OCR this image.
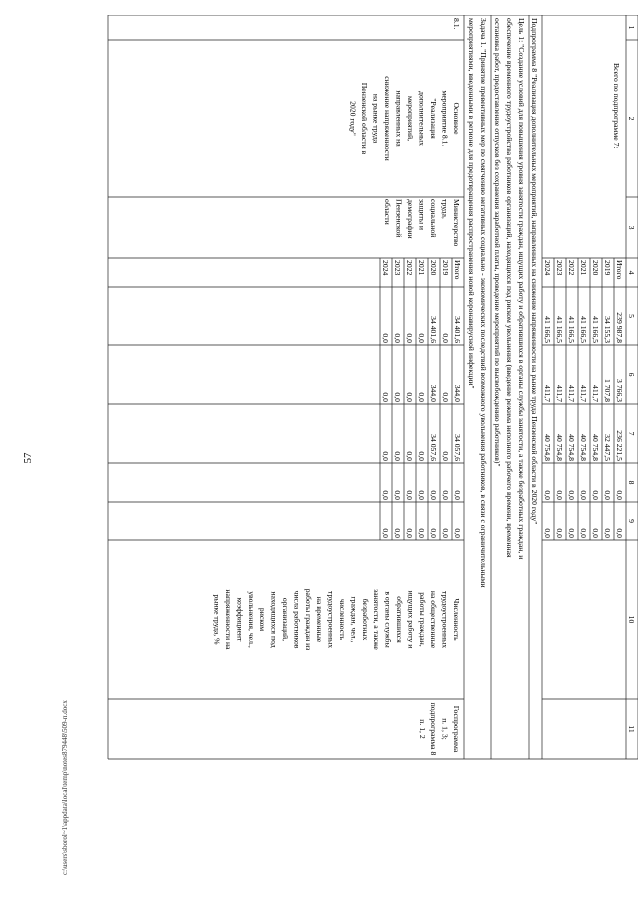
57
c:\users\sborol~1\appdata\local\temp\notes879448\509-п.docx
1
2
3
4
5
6
7
8
9
10
11
Всего по подпрограмме 7:
Итого
239 987,8
3 766,3
236 221,5
0,0
0,0
2019
34 155,3
1 707,8
32 447,5
0,0
0,0
2020
41 166,5
411,7
40 754,8
0,0
0,0
2021
41 166,5
411,7
40 754,8
0,0
0,0
2022
41 166,5
411,7
40 754,8
0,0
0,0
2023
41 166,5
411,7
40 754,8
0,0
0,0
2024
41 166,5
411,7
40 754,8
0,0
0,0
Подпрограмма 8 "Реализация дополнительных мероприятий, направленных на снижение напряженности на рынке труда Пензенской области в 2020 году"
Цель 1: "Создание условий для повышения уровня занятости граждан, ищущих работу и обратившихся в органы службы занятости, а также безработных граждан, и
обеспечение временного трудоустройства работников организаций, находящихся под риском увольнения (введение режима неполного рабочего времени, временная
остановка работ, предоставление отпусков без сохранения заработной платы, проведение мероприятий по высвобождению работников)"
Задача 1. "Принятие превентивных мер по смягчению негативных социально - экономических последствий возможного увольнения работников, в связи с ограничительными
мероприятиями, введенными в регионе для предотвращения распространения новой коронавирусной инфекции"
8.1.
Основное
мероприятие 8.1.
"Реализация
дополнительных
мероприятий,
направленных на
снижение напряженности
на рынке труда
Пензенской области в
2020 году"
Министерство
труда,
социальной
защиты и
демографии
Пензенской
области
Итого
34 401,6
344,0
34 057,6
0,0
0,0
2019
0,0
0,0
0,0
0,0
0,0
2020
34 401,6
344,0
34 057,6
0,0
0,0
2021
0,0
0,0
0,0
0,0
0,0
2022
0,0
0,0
0,0
0,0
0,0
2023
0,0
0,0
0,0
0,0
0,0
2024
0,0
0,0
0,0
0,0
0,0
Численность
трудоустроенных
на общественные
работы граждан,
ищущих работу и
обратившихся
в органы службы
занятости, а также
безработных
граждан, чел.,
численность
трудоустроенных
на временные
работы граждан из
числа работников
организаций,
находящихся под
риском
увольнения, чел.,
коэффициент
напряженности на
рынке труда, %
Госпрограмма
п. 1, 3;
подпрограмма 8
п. 1, 2
